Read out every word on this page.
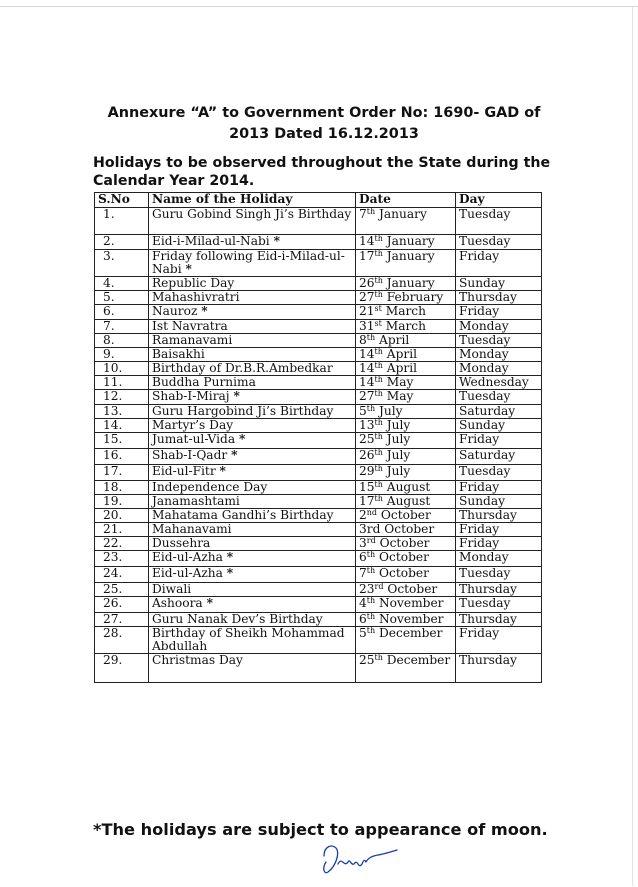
Annexure “A” to Government Order No: 1690- GAD of
2013 Dated 16.12.2013
Holidays to be observed throughout the State during the
Calendar Year 2014.
S.No	Name of the Holiday	Date	Day
1.	Guru Gobind Singh Ji’s Birthday	7th January	Tuesday
2.	Eid-i-Milad-ul-Nabi *	14th January	Tuesday
3.	Friday following Eid-i-Milad-ul-Nabi *	17th January	Friday
4.	Republic Day	26th January	Sunday
5.	Mahashivratri	27th February	Thursday
6.	Nauroz *	21st March	Friday
7.	Ist Navratra	31st March	Monday
8.	Ramanavami	8th April	Tuesday
9.	Baisakhi	14th April	Monday
10.	Birthday of Dr.B.R.Ambedkar	14th April	Monday
11.	Buddha Purnima	14th May	Wednesday
12.	Shab-I-Miraj *	27th May	Tuesday
13.	Guru Hargobind Ji’s Birthday	5th July	Saturday
14.	Martyr’s Day	13th July	Sunday
15.	Jumat-ul-Vida *	25th July	Friday
16.	Shab-I-Qadr *	26th July	Saturday
17.	Eid-ul-Fitr *	29th July	Tuesday
18.	Independence Day	15th August	Friday
19.	Janamashtami	17th August	Sunday
20.	Mahatama Gandhi’s Birthday	2nd October	Thursday
21.	Mahanavami	3rd October	Friday
22.	Dussehra	3rd October	Friday
23.	Eid-ul-Azha *	6th October	Monday
24.	Eid-ul-Azha *	7th October	Tuesday
25.	Diwali	23rd October	Thursday
26.	Ashoora *	4th November	Tuesday
27.	Guru Nanak Dev’s Birthday	6th November	Thursday
28.	Birthday of Sheikh Mohammad Abdullah	5th December	Friday
29.	Christmas Day	25th December	Thursday
*The holidays are subject to appearance of moon.
